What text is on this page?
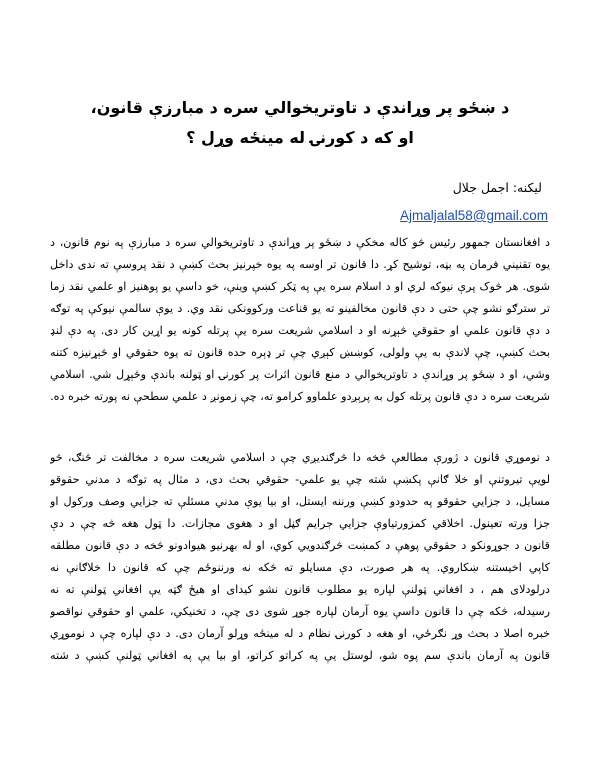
د ښځو پر وړاندې د تاوتریخوالي سره د مبارزې قانون،
او که د کورنۍ له مینځه وړل ؟
لیکنه: اجمل جلال
Ajmaljalal58@gmail.com
د افغانستان جمهور رئیس څو کاله مخکې د ښځو پر وړاندې د تاوتریخوالي سره د مبارزې په نوم قانون، د
یوه تقنیني فرمان په بڼه، توشیح کړ. دا قانون تر اوسه په یوه خپرنیز بحث کښې د نقد پروسې ته ندی داخل
شوی. هر څوک پرې نیوکه لري او د اسلام سره یې په ټکر کښې وینې، خو داسې یو پوهنیز او علمي نقد زما
تر سترګو نشو چې حتی د دې قانون مخالفینو ته یو قناعت ورکوونکی نقد وي. د یوې سالمې نیوکې په توګه
د دې قانون علمي او حقوقي څېړنه او د اسلامي شریعت سره یې پرتله کونه یو اړین کار دی. په دې لنډ
بحث کښې، چې لاندې به یې ولولی، کوښښ کېږي چې تر ډېره حده قانون ته یوه حقوقي او څېړنیزه کتنه
وشي، او د ښځو پر وړاندې د تاوتریخوالي د منع قانون اثرات پر کورنۍ او ټولنه باندې وڅېړل شي. اسلامي
شریعت سره د دې قانون پرتله کول به پرېږدو علماوو کرامو ته، چې زمونږ د علمي سطحې نه پورته خبره ده.
د نوموړي قانون د ژورې مطالعې څخه دا څرګندیږي چې د اسلامي شریعت سره د مخالفت تر څنګ، څو
لویې تیروتنې او خلا ګانې پکښې شته چې یو علمي- حقوقي بحث دی، د مثال په توګه د مدني حقوقو
مسایل، د جزایي حقوقو په حدودو کښې ورننه ایستل، او بیا یوې مدني مسئلې ته جزایي وصف ورکول او
جزا ورته تعینول. اخلاقي کمزورتیاوې جزایي جرایم ګڼل او د هغوی مجازات. دا ټول هغه څه چې د دې
قانون د جوړونکو د حقوقي پوهې د کمښت څرګندویي کوي، او له بهرنیو هیوادونو څخه د دې قانون مطلقه
کاپي اخیستنه ښکاروي. په هر صورت، دې مسایلو ته څکه نه ورننوځم چې که قانون دا خلاګانې نه
درلودلای هم ، د افغاني ټولنې لپاره یو مطلوب قانون نشو کیدای او هیڅ ګټه یې افغاني ټولنې ته نه
رسیدله، څکه چې دا قانون داسې یوه آرمان لپاره جوړ شوی دی چې، د تخنیکي، علمي او حقوقي نواقصو
خبره اصلا د بحث وړ نګرځي، او هغه د کورنۍ نظام د له مینځه وړلو آرمان دی. د دې لپاره چې د نوموړي
قانون په آرمان باندې سم پوه شو، لوستل یې په کراتو کراتو، او بیا یې په افغاني ټولنې کښې د شته
